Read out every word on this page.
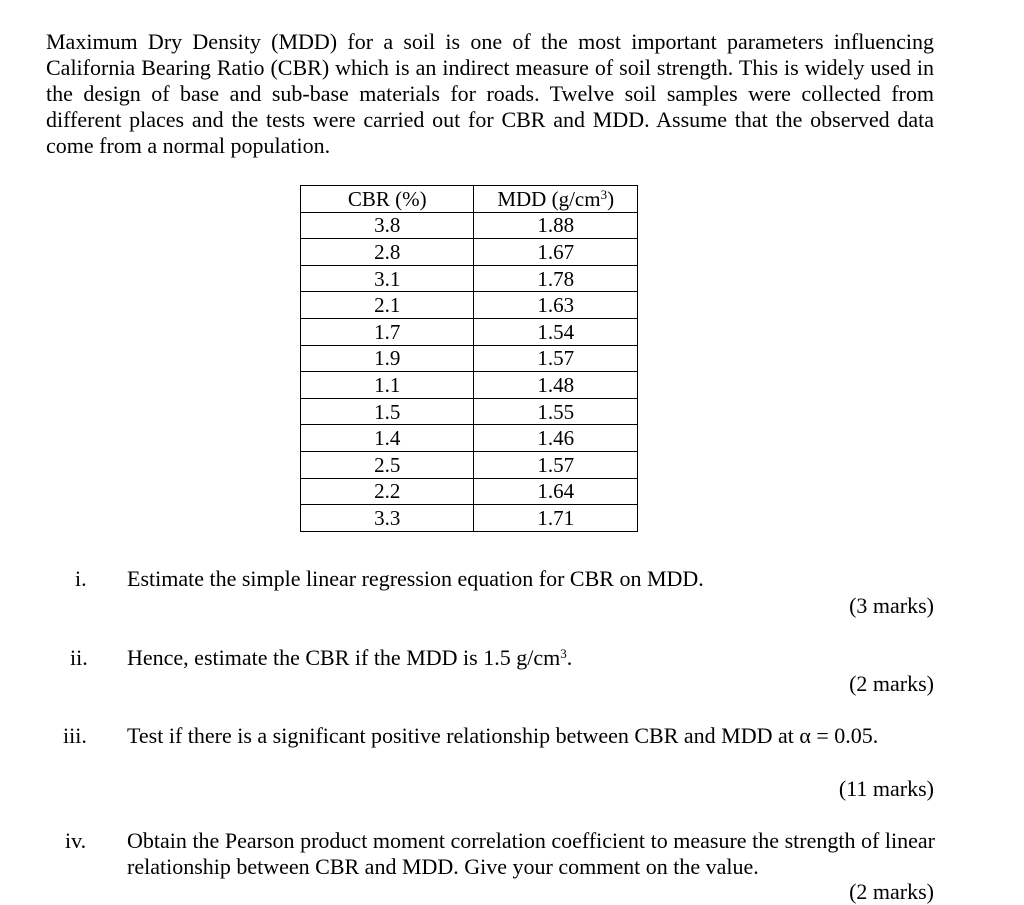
Maximum Dry Density (MDD) for a soil is one of the most important parameters influencing California Bearing Ratio (CBR) which is an indirect measure of soil strength. This is widely used in the design of base and sub-base materials for roads. Twelve soil samples were collected from different places and the tests were carried out for CBR and MDD. Assume that the observed data come from a normal population.

CBR (%)	MDD $(g/cm^3)$
3.8	1.88
2.8	1.67
3.1	1.78
2.1	1.63
1.7	1.54
1.9	1.57
1.1	1.48
1.5	1.55
1.4	1.46
2.5	1.57
2.2	1.64
3.3	1.71
i. Estimate the simple linear regression equation for CBR on MDD.
(3 marks)
ii. Hence, estimate the CBR if the MDD is 1.5 $g/cm^3$.
(2 marks)
iii. Test if there is a significant positive relationship between CBR and MDD at α = 0.05.
(11 marks)
iv. Obtain the Pearson product moment correlation coefficient to measure the strength of linear relationship between CBR and MDD. Give your comment on the value.
(2 marks)
